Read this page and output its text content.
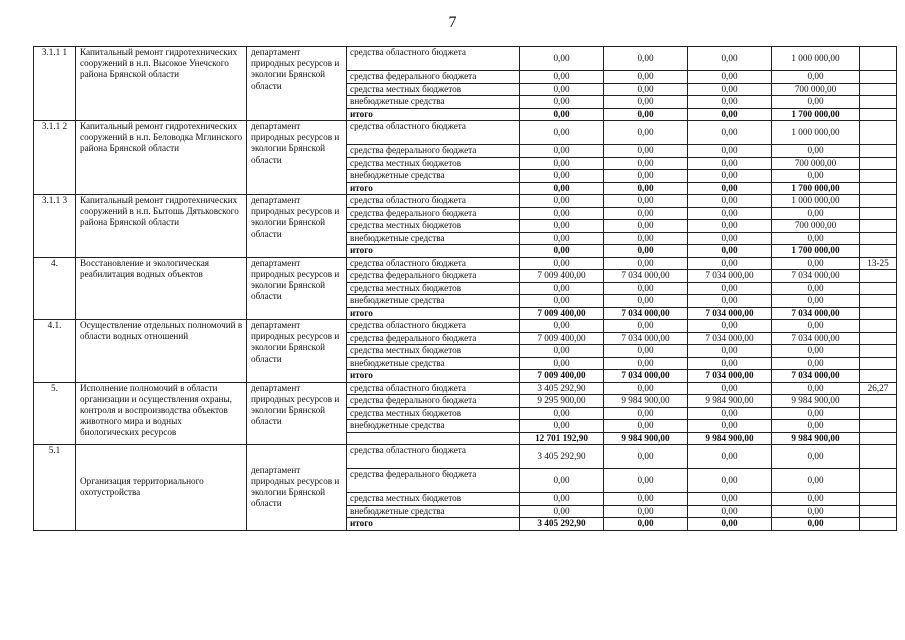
7
3.1.1 1	Капитальный ремонт гидротехнических сооружений в н.п. Высокое Унечского района Брянской области	департамент природных ресурсов и экологии Брянской области	средства областного бюджета	0,00	0,00	0,00	1 000 000,00	
			средства федерального бюджета	0,00	0,00	0,00	0,00	
			средства местных бюджетов	0,00	0,00	0,00	700 000,00	
			внебюджетные средства	0,00	0,00	0,00	0,00	
			итого	0,00	0,00	0,00	1 700 000,00	
3.1.1 2	Капитальный ремонт гидротехнических сооружений в н.п. Беловодка Мглинского района Брянской области	департамент природных ресурсов и экологии Брянской области	средства областного бюджета	0,00	0,00	0,00	1 000 000,00	
			средства федерального бюджета	0,00	0,00	0,00	0,00	
			средства местных бюджетов	0,00	0,00	0,00	700 000,00	
			внебюджетные средства	0,00	0,00	0,00	0,00	
			итого	0,00	0,00	0,00	1 700 000,00	
3.1.1 3	Капитальный ремонт гидротехнических сооружений в н.п. Бытошь Дятьковского района Брянской области	департамент природных ресурсов и экологии Брянской области	средства областного бюджета	0,00	0,00	0,00	1 000 000,00	
			средства федерального бюджета	0,00	0,00	0,00	0,00	
			средства местных бюджетов	0,00	0,00	0,00	700 000,00	
			внебюджетные средства	0,00	0,00	0,00	0,00	
			итого	0,00	0,00	0,00	1 700 000,00	
4.	Восстановление и экологическая реабилитация водных объектов	департамент природных ресурсов и экологии Брянской области	средства областного бюджета	0,00	0,00	0,00	0,00	13-25
			средства федерального бюджета	7 009 400,00	7 034 000,00	7 034 000,00	7 034 000,00	
			средства местных бюджетов	0,00	0,00	0,00	0,00	
			внебюджетные средства	0,00	0,00	0,00	0,00	
			итого	7 009 400,00	7 034 000,00	7 034 000,00	7 034 000,00	
4.1.	Осуществление отдельных полномочий в области водных отношений	департамент природных ресурсов и экологии Брянской области	средства областного бюджета	0,00	0,00	0,00	0,00	
			средства федерального бюджета	7 009 400,00	7 034 000,00	7 034 000,00	7 034 000,00	
			средства местных бюджетов	0,00	0,00	0,00	0,00	
			внебюджетные средства	0,00	0,00	0,00	0,00	
			итого	7 009 400,00	7 034 000,00	7 034 000,00	7 034 000,00	
5.	Исполнение полномочий в области организации и осуществления охраны, контроля и воспроизводства объектов животного мира и водных биологических ресурсов	департамент природных ресурсов и экологии Брянской области	средства областного бюджета	3 405 292,90	0,00	0,00	0,00	26,27
			средства федерального бюджета	9 295 900,00	9 984 900,00	9 984 900,00	9 984 900,00	
			средства местных бюджетов	0,00	0,00	0,00	0,00	
			внебюджетные средства	0,00	0,00	0,00	0,00	
				12 701 192,90	9 984 900,00	9 984 900,00	9 984 900,00	
5.1	Организация территориального охотустройства	департамент природных ресурсов и экологии Брянской области	средства областного бюджета	3 405 292,90	0,00	0,00	0,00	
			средства федерального бюджета	0,00	0,00	0,00	0,00	
			средства местных бюджетов	0,00	0,00	0,00	0,00	
			внебюджетные средства	0,00	0,00	0,00	0,00	
			итого	3 405 292,90	0,00	0,00	0,00	
